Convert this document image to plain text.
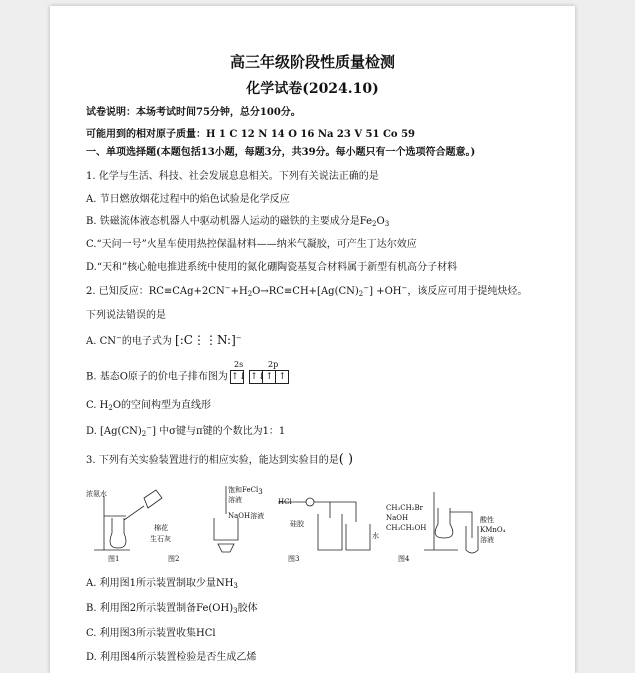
高三年级阶段性质量检测
化学试卷(2024.10)
试卷说明：本场考试时间75分钟，总分100分。
可能用到的相对原子质量：H 1 C 12 N 14 O 16 Na 23 V 51 Co 59
一、单项选择题(本题包括13小题，每题3分，共39分。每小题只有一个选项符合题意。)
1. 化学与生活、科技、社会发展息息相关。下列有关说法正确的是
A. 节日燃放烟花过程中的焰色试验是化学反应
B. 铁磁流体液态机器人中驱动机器人运动的磁铁的主要成分是$Fe_2O_3$
C.“天问一号”火星车使用热控保温材料——纳米气凝胶，可产生丁达尔效应
D.“天和”核心舱电推进系统中使用的氮化硼陶瓷基复合材料属于新型有机高分子材料
2. 已知反应：$RC\equiv CAg+2CN^-+H_2O\to RC\equiv CH+[Ag(CN)_2^-] +OH^-$，该反应可用于提纯炔烃。
下列说法错误的是
A. CN−的电子式为 [:C⋮⋮N:]−
2s	2p
B. 基态O原子的价电子排布图为 ↑↓ ↑↓↑ ↑
C. $H_2O$的空间构型为直线形
D. $[Ag(CN)_2^-]$ 中σ键与π键的个数比为1：1
3. 下列有关实验装置进行的相应实验，能达到实验目的是( )
浓氨水
棉花
生石灰
饱和FeCl$_3$
溶液
NaOH溶液
HCl
硅胶
水
CH₃CH₂Br
NaOH
CH₃CH₂OH
酸性
KMnO₄
溶液
图1	图2	图3	图4
A. 利用图1所示装置制取少量$NH_3$
B. 利用图2所示装置制备$Fe(OH)_3$胶体
C. 利用图3所示装置收集HCl
D. 利用图4所示装置检验是否生成乙烯
